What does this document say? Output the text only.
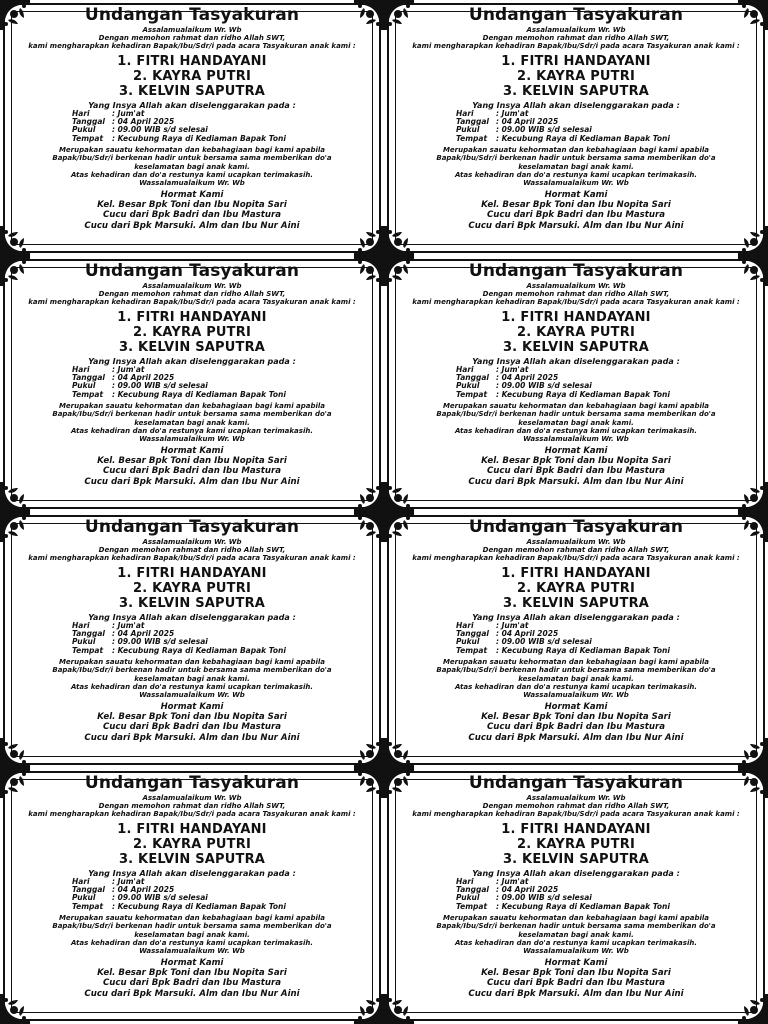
Undangan Tasyakuran
Assalamualaikum Wr. Wb
Dengan memohon rahmat dan ridho Allah SWT,
kami mengharapkan kehadiran Bapak/Ibu/Sdr/i pada acara Tasyakuran anak kami :
1. FITRI HANDAYANI
2. KAYRA PUTRI
3. KELVIN SAPUTRA
Yang Insya Allah akan diselenggarakan pada :
Hari	: Jum'at
Tanggal : 04 April 2025
Pukul	: 09.00 WIB s/d selesai
Tempat	: Kecubung Raya di Kediaman Bapak Toni
Merupakan sauatu kehormatan dan kebahagiaan bagi kami apabila
Bapak/Ibu/Sdr/i berkenan hadir untuk bersama sama memberikan do'a
keselamatan bagi anak kami.
Atas kehadiran dan do'a restunya kami ucapkan terimakasih.
Wassalamualaikum Wr. Wb
Hormat Kami
Kel. Besar Bpk Toni dan Ibu Nopita Sari
Cucu dari Bpk Badri dan Ibu Mastura
Cucu dari Bpk Marsuki. Alm dan Ibu Nur Aini
Undangan Tasyakuran
Assalamualaikum Wr. Wb
Dengan memohon rahmat dan ridho Allah SWT,
kami mengharapkan kehadiran Bapak/Ibu/Sdr/i pada acara Tasyakuran anak kami :
1. FITRI HANDAYANI
2. KAYRA PUTRI
3. KELVIN SAPUTRA
Yang Insya Allah akan diselenggarakan pada :
Hari	: Jum'at
Tanggal : 04 April 2025
Pukul	: 09.00 WIB s/d selesai
Tempat	: Kecubung Raya di Kediaman Bapak Toni
Merupakan sauatu kehormatan dan kebahagiaan bagi kami apabila
Bapak/Ibu/Sdr/i berkenan hadir untuk bersama sama memberikan do'a
keselamatan bagi anak kami.
Atas kehadiran dan do'a restunya kami ucapkan terimakasih.
Wassalamualaikum Wr. Wb
Hormat Kami
Kel. Besar Bpk Toni dan Ibu Nopita Sari
Cucu dari Bpk Badri dan Ibu Mastura
Cucu dari Bpk Marsuki. Alm dan Ibu Nur Aini
Undangan Tasyakuran
Assalamualaikum Wr. Wb
Dengan memohon rahmat dan ridho Allah SWT,
kami mengharapkan kehadiran Bapak/Ibu/Sdr/i pada acara Tasyakuran anak kami :
1. FITRI HANDAYANI
2. KAYRA PUTRI
3. KELVIN SAPUTRA
Yang Insya Allah akan diselenggarakan pada :
Hari	: Jum'at
Tanggal : 04 April 2025
Pukul	: 09.00 WIB s/d selesai
Tempat	: Kecubung Raya di Kediaman Bapak Toni
Merupakan sauatu kehormatan dan kebahagiaan bagi kami apabila
Bapak/Ibu/Sdr/i berkenan hadir untuk bersama sama memberikan do'a
keselamatan bagi anak kami.
Atas kehadiran dan do'a restunya kami ucapkan terimakasih.
Wassalamualaikum Wr. Wb
Hormat Kami
Kel. Besar Bpk Toni dan Ibu Nopita Sari
Cucu dari Bpk Badri dan Ibu Mastura
Cucu dari Bpk Marsuki. Alm dan Ibu Nur Aini
Undangan Tasyakuran
Assalamualaikum Wr. Wb
Dengan memohon rahmat dan ridho Allah SWT,
kami mengharapkan kehadiran Bapak/Ibu/Sdr/i pada acara Tasyakuran anak kami :
1. FITRI HANDAYANI
2. KAYRA PUTRI
3. KELVIN SAPUTRA
Yang Insya Allah akan diselenggarakan pada :
Hari	: Jum'at
Tanggal : 04 April 2025
Pukul	: 09.00 WIB s/d selesai
Tempat	: Kecubung Raya di Kediaman Bapak Toni
Merupakan sauatu kehormatan dan kebahagiaan bagi kami apabila
Bapak/Ibu/Sdr/i berkenan hadir untuk bersama sama memberikan do'a
keselamatan bagi anak kami.
Atas kehadiran dan do'a restunya kami ucapkan terimakasih.
Wassalamualaikum Wr. Wb
Hormat Kami
Kel. Besar Bpk Toni dan Ibu Nopita Sari
Cucu dari Bpk Badri dan Ibu Mastura
Cucu dari Bpk Marsuki. Alm dan Ibu Nur Aini
Undangan Tasyakuran
Assalamualaikum Wr. Wb
Dengan memohon rahmat dan ridho Allah SWT,
kami mengharapkan kehadiran Bapak/Ibu/Sdr/i pada acara Tasyakuran anak kami :
1. FITRI HANDAYANI
2. KAYRA PUTRI
3. KELVIN SAPUTRA
Yang Insya Allah akan diselenggarakan pada :
Hari	: Jum'at
Tanggal : 04 April 2025
Pukul	: 09.00 WIB s/d selesai
Tempat	: Kecubung Raya di Kediaman Bapak Toni
Merupakan sauatu kehormatan dan kebahagiaan bagi kami apabila
Bapak/Ibu/Sdr/i berkenan hadir untuk bersama sama memberikan do'a
keselamatan bagi anak kami.
Atas kehadiran dan do'a restunya kami ucapkan terimakasih.
Wassalamualaikum Wr. Wb
Hormat Kami
Kel. Besar Bpk Toni dan Ibu Nopita Sari
Cucu dari Bpk Badri dan Ibu Mastura
Cucu dari Bpk Marsuki. Alm dan Ibu Nur Aini
Undangan Tasyakuran
Assalamualaikum Wr. Wb
Dengan memohon rahmat dan ridho Allah SWT,
kami mengharapkan kehadiran Bapak/Ibu/Sdr/i pada acara Tasyakuran anak kami :
1. FITRI HANDAYANI
2. KAYRA PUTRI
3. KELVIN SAPUTRA
Yang Insya Allah akan diselenggarakan pada :
Hari	: Jum'at
Tanggal : 04 April 2025
Pukul	: 09.00 WIB s/d selesai
Tempat	: Kecubung Raya di Kediaman Bapak Toni
Merupakan sauatu kehormatan dan kebahagiaan bagi kami apabila
Bapak/Ibu/Sdr/i berkenan hadir untuk bersama sama memberikan do'a
keselamatan bagi anak kami.
Atas kehadiran dan do'a restunya kami ucapkan terimakasih.
Wassalamualaikum Wr. Wb
Hormat Kami
Kel. Besar Bpk Toni dan Ibu Nopita Sari
Cucu dari Bpk Badri dan Ibu Mastura
Cucu dari Bpk Marsuki. Alm dan Ibu Nur Aini
Undangan Tasyakuran
Assalamualaikum Wr. Wb
Dengan memohon rahmat dan ridho Allah SWT,
kami mengharapkan kehadiran Bapak/Ibu/Sdr/i pada acara Tasyakuran anak kami :
1. FITRI HANDAYANI
2. KAYRA PUTRI
3. KELVIN SAPUTRA
Yang Insya Allah akan diselenggarakan pada :
Hari	: Jum'at
Tanggal : 04 April 2025
Pukul	: 09.00 WIB s/d selesai
Tempat	: Kecubung Raya di Kediaman Bapak Toni
Merupakan sauatu kehormatan dan kebahagiaan bagi kami apabila
Bapak/Ibu/Sdr/i berkenan hadir untuk bersama sama memberikan do'a
keselamatan bagi anak kami.
Atas kehadiran dan do'a restunya kami ucapkan terimakasih.
Wassalamualaikum Wr. Wb
Hormat Kami
Kel. Besar Bpk Toni dan Ibu Nopita Sari
Cucu dari Bpk Badri dan Ibu Mastura
Cucu dari Bpk Marsuki. Alm dan Ibu Nur Aini
Undangan Tasyakuran
Assalamualaikum Wr. Wb
Dengan memohon rahmat dan ridho Allah SWT,
kami mengharapkan kehadiran Bapak/Ibu/Sdr/i pada acara Tasyakuran anak kami :
1. FITRI HANDAYANI
2. KAYRA PUTRI
3. KELVIN SAPUTRA
Yang Insya Allah akan diselenggarakan pada :
Hari	: Jum'at
Tanggal : 04 April 2025
Pukul	: 09.00 WIB s/d selesai
Tempat	: Kecubung Raya di Kediaman Bapak Toni
Merupakan sauatu kehormatan dan kebahagiaan bagi kami apabila
Bapak/Ibu/Sdr/i berkenan hadir untuk bersama sama memberikan do'a
keselamatan bagi anak kami.
Atas kehadiran dan do'a restunya kami ucapkan terimakasih.
Wassalamualaikum Wr. Wb
Hormat Kami
Kel. Besar Bpk Toni dan Ibu Nopita Sari
Cucu dari Bpk Badri dan Ibu Mastura
Cucu dari Bpk Marsuki. Alm dan Ibu Nur Aini
